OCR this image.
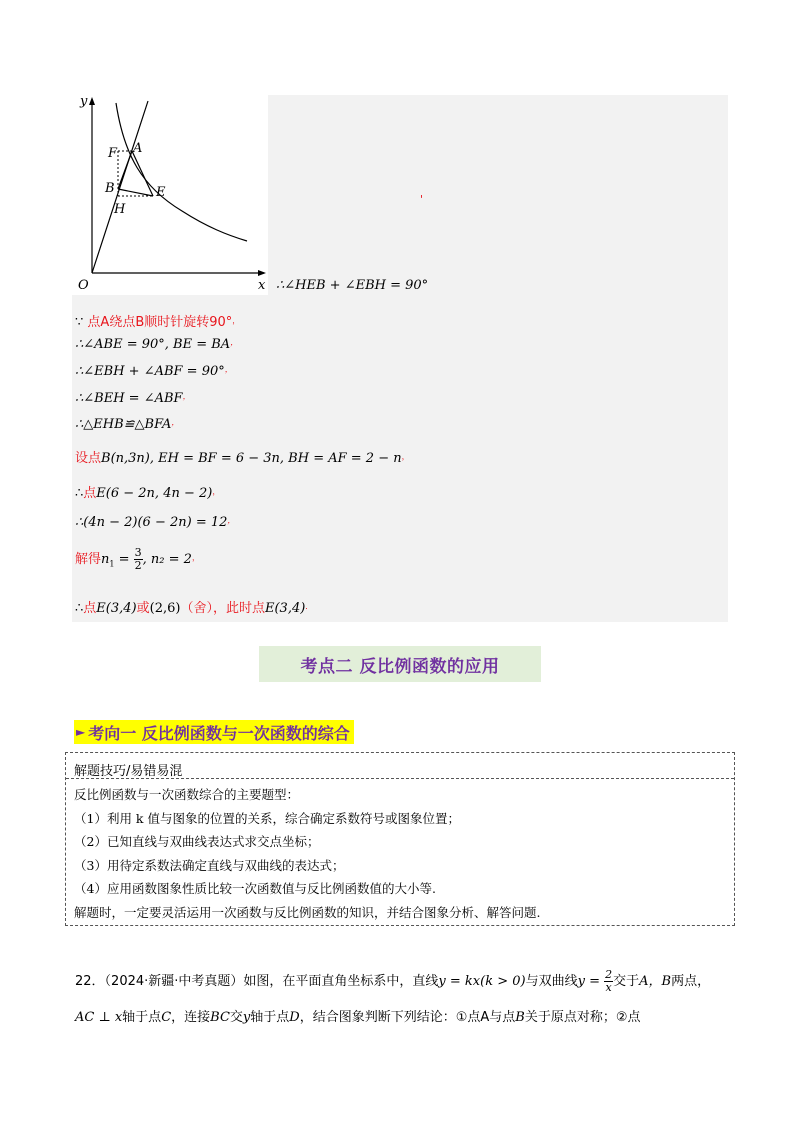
y
x
O
F A
B	E
H
'
∴∠HEB + ∠EBH = 90°
∵ 点A绕点B顺时针旋转90°，
∴∠ABE = 90°, BE = BA，
∴∠EBH + ∠ABF = 90°，
∴∠BEH = ∠ABF，
∴△EHB≌△BFA，
设点B(n,3n), EH = BF = 6 − 3n, BH = AF = 2 − n，
∴点E(6 − 2n, 4n − 2)，
∴(4n − 2)(6 − 2n) = 12，
解得$n_1 = \frac{3}{2}$ , n₂ = 2，
∴点E(3,4)或(2,6)（舍），此时点E(3,4)．
考点二 反比例函数的应用
► 考向一 反比例函数与一次函数的综合
解题技巧/易错易混
反比例函数与一次函数综合的主要题型：
（1）利用 k 值与图象的位置的关系，综合确定系数符号或图象位置；
（2）已知直线与双曲线表达式求交点坐标；
（3）用待定系数法确定直线与双曲线的表达式；
（4）应用函数图象性质比较一次函数值与反比例函数值的大小等.
解题时，一定要灵活运用一次函数与反比例函数的知识，并结合图象分析、解答问题.
22．（2024·新疆·中考真题）如图，在平面直角坐标系中，直线y = kx(k > 0)与双曲线$y = \frac{2}{x}$ 交于A，B两点，
AC ⊥ x轴于点C，连接BC交y轴于点D，结合图象判断下列结论：①点A与点B关于原点对称；②点
